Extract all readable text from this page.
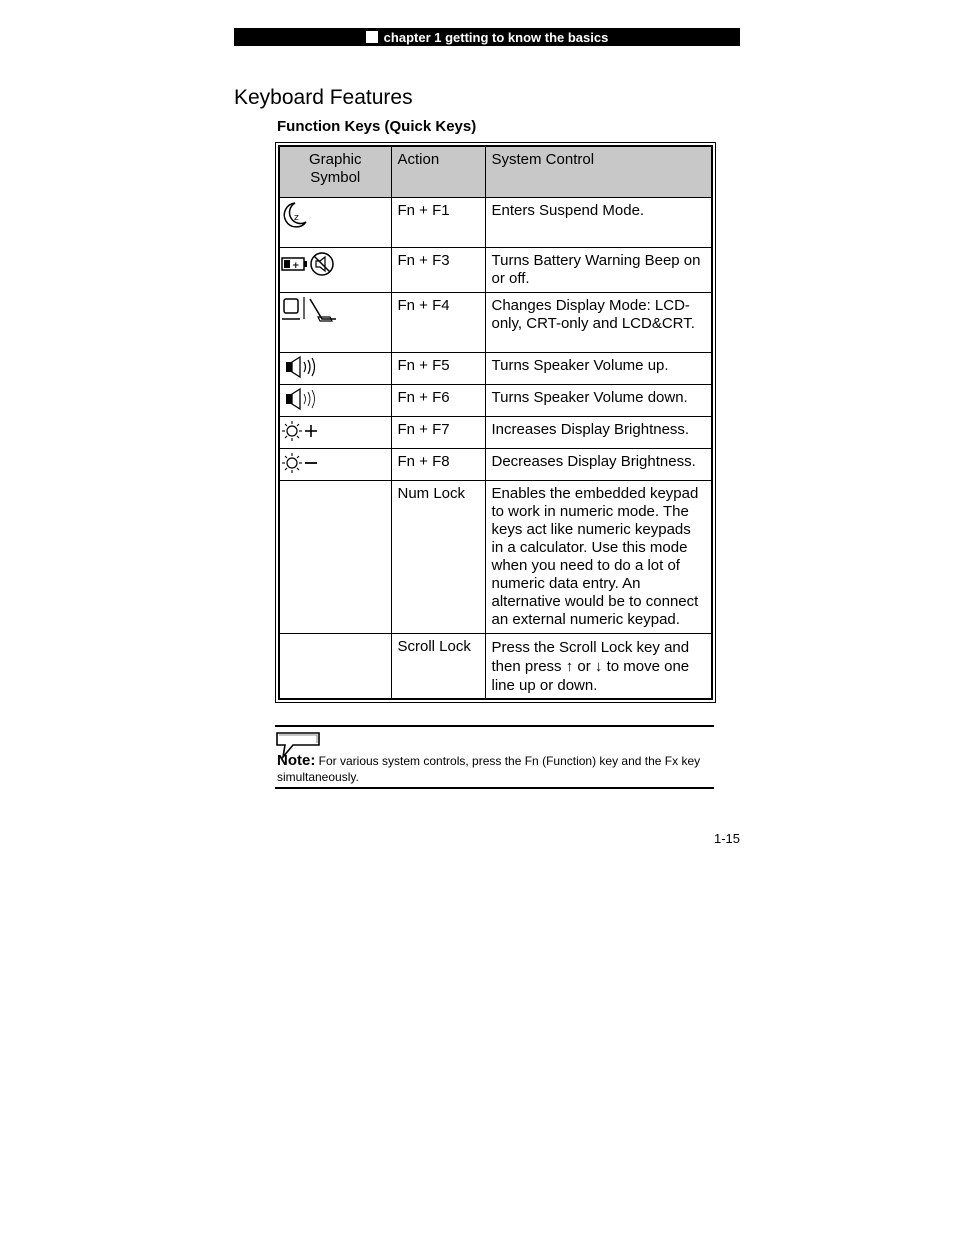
chapter 1 getting to know the basics
Keyboard Features
Function Keys (Quick Keys)
Graphic Symbol	Action	System Control

z	Fn + F1	Enters Suspend Mode.

+	Fn + F3	Turns Battery Warning Beep on or off.
	Fn + F4	Changes Display Mode: LCD-only, CRT-only and LCD&CRT.
	Fn + F5	Turns Speaker Volume up.
	Fn + F6	Turns Speaker Volume down.
	Fn + F7	Increases Display Brightness.
	Fn + F8	Decreases Display Brightness.
	Num Lock	Enables the embedded keypad to work in numeric mode. The keys act like numeric keypads in a calculator. Use this mode when you need to do a lot of numeric data entry. An alternative would be to connect an external numeric keypad.
	Scroll Lock	Press the Scroll Lock key and then press ↑ or ↓ to move one line up or down.
Note: For various system controls, press the Fn (Function) key and the Fx key simultaneously.
1-15
